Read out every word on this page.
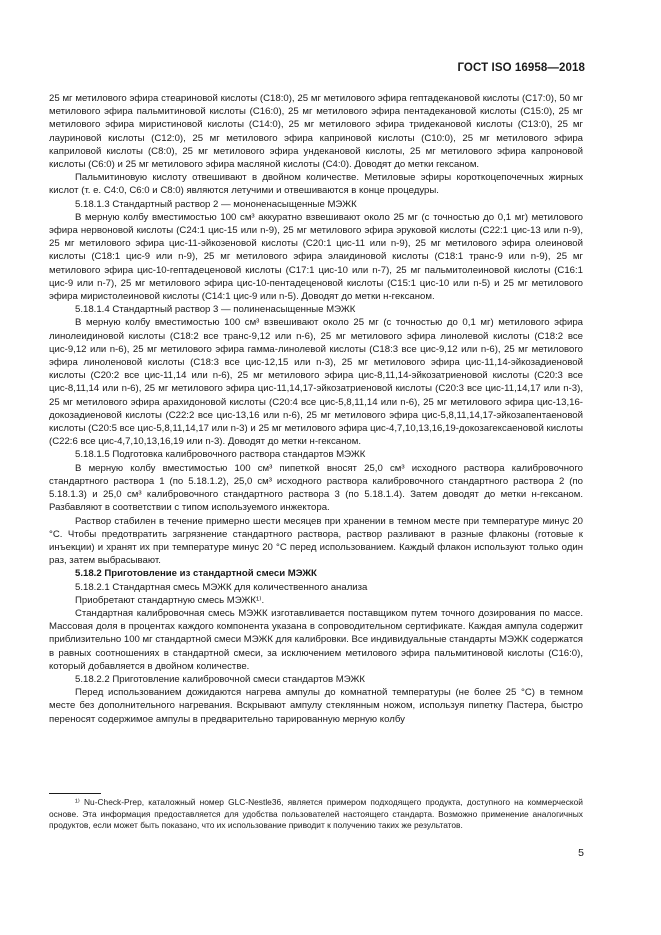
ГОСТ ISO 16958—2018

25 мг метилового эфира стеариновой кислоты (С18:0), 25 мг метилового эфира гептадекановой кислоты (С17:0), 50 мг метилового эфира пальмитиновой кислоты (С16:0), 25 мг метилового эфира пентадекановой кислоты (С15:0), 25 мг метилового эфира миристиновой кислоты (С14:0), 25 мг метилового эфира тридекановой кислоты (С13:0), 25 мг лауриновой кислоты (С12:0), 25 мг метилового эфира каприновой кислоты (С10:0), 25 мг метилового эфира каприловой кислоты (С8:0), 25 мг метилового эфира ундекановой кислоты, 25 мг метилового эфира капроновой кислоты (С6:0) и 25 мг метилового эфира масляной кислоты (С4:0). Доводят до метки гексаном.

Пальмитиновую кислоту отвешивают в двойном количестве. Метиловые эфиры короткоцепочечных жирных кислот (т. е. С4:0, С6:0 и С8:0) являются летучими и отвешиваются в конце процедуры.

5.18.1.3 Стандартный раствор 2 — мононенасыщенные МЭЖК

В мерную колбу вместимостью 100 см³ аккуратно взвешивают около 25 мг (с точностью до 0,1 мг) метилового эфира нервоновой кислоты (С24:1 цис-15 или n-9), 25 мг метилового эфира эруковой кислоты (С22:1 цис-13 или n-9), 25 мг метилового эфира цис-11-эйкозеновой кислоты (С20:1 цис-11 или n-9), 25 мг метилового эфира олеиновой кислоты (С18:1 цис-9 или n-9), 25 мг метилового эфира элаидиновой кислоты (С18:1 транс-9 или n-9), 25 мг метилового эфира цис-10-гептадеценовой кислоты (С17:1 цис-10 или n-7), 25 мг пальмитолеиновой кислоты (С16:1 цис-9 или n-7), 25 мг метилового эфира цис-10-пентадеценовой кислоты (С15:1 цис-10 или n-5) и 25 мг метилового эфира миристолеиновой кислоты (С14:1 цис-9 или n-5). Доводят до метки н-гексаном.

5.18.1.4 Стандартный раствор 3 — полиненасыщенные МЭЖК

В мерную колбу вместимостью 100 см³ взвешивают около 25 мг (с точностью до 0,1 мг) метилового эфира линолеидиновой кислоты (С18:2 все транс-9,12 или n-6), 25 мг метилового эфира линолевой кислоты (С18:2 все цис-9,12 или n-6), 25 мг метилового эфира гамма-линолевой кислоты (С18:3 все цис-9,12 или n-6), 25 мг метилового эфира линоленовой кислоты (С18:3 все цис-12,15 или n-3), 25 мг метилового эфира цис-11,14-эйкозадиеновой кислоты (С20:2 все цис-11,14 или n-6), 25 мг метилового эфира цис-8,11,14-эйкозатриеновой кислоты (С20:3 все цис-8,11,14 или n-6), 25 мг метилового эфира цис-11,14,17-эйкозатриеновой кислоты (С20:3 все цис-11,14,17 или n-3), 25 мг метилового эфира арахидоновой кислоты (С20:4 все цис-5,8,11,14 или n-6), 25 мг метилового эфира цис-13,16-докозадиеновой кислоты (С22:2 все цис-13,16 или n-6), 25 мг метилового эфира цис-5,8,11,14,17-эйкозапентаеновой кислоты (С20:5 все цис-5,8,11,14,17 или n-3) и 25 мг метилового эфира цис-4,7,10,13,16,19-докозагексаеновой кислоты (С22:6 все цис-4,7,10,13,16,19 или n-3). Доводят до метки н-гексаном.

5.18.1.5 Подготовка калибровочного раствора стандартов МЭЖК

В мерную колбу вместимостью 100 см³ пипеткой вносят 25,0 см³ исходного раствора калибровочного стандартного раствора 1 (по 5.18.1.2), 25,0 см³ исходного раствора калибровочного стандартного раствора 2 (по 5.18.1.3) и 25,0 см³ калибровочного стандартного раствора 3 (по 5.18.1.4). Затем доводят до метки н-гексаном. Разбавляют в соответствии с типом используемого инжектора.

Раствор стабилен в течение примерно шести месяцев при хранении в темном месте при температуре минус 20 °С. Чтобы предотвратить загрязнение стандартного раствора, раствор разливают в разные флаконы (готовые к инъекции) и хранят их при температуре минус 20 °С перед использованием. Каждый флакон используют только один раз, затем выбрасывают.

5.18.2 Приготовление из стандартной смеси МЭЖК

5.18.2.1 Стандартная смесь МЭЖК для количественного анализа

Приобретают стандартную смесь МЭЖК¹⁾.

Стандартная калибровочная смесь МЭЖК изготавливается поставщиком путем точного дозирования по массе. Массовая доля в процентах каждого компонента указана в сопроводительном сертификате. Каждая ампула содержит приблизительно 100 мг стандартной смеси МЭЖК для калибровки. Все индивидуальные стандарты МЭЖК содержатся в равных соотношениях в стандартной смеси, за исключением метилового эфира пальмитиновой кислоты (С16:0), который добавляется в двойном количестве.

5.18.2.2 Приготовление калибровочной смеси стандартов МЭЖК

Перед использованием дожидаются нагрева ампулы до комнатной температуры (не более 25 °С) в темном месте без дополнительного нагревания. Вскрывают ампулу стеклянным ножом, используя пипетку Пастера, быстро переносят содержимое ампулы в предварительно тарированную мерную колбу

¹⁾ Nu-Check-Prep, каталожный номер GLC-Nestle36, является примером подходящего продукта, доступного на коммерческой основе. Эта информация предоставляется для удобства пользователей настоящего стандарта. Возможно применение аналогичных продуктов, если может быть показано, что их использование приводит к получению таких же результатов.

5
